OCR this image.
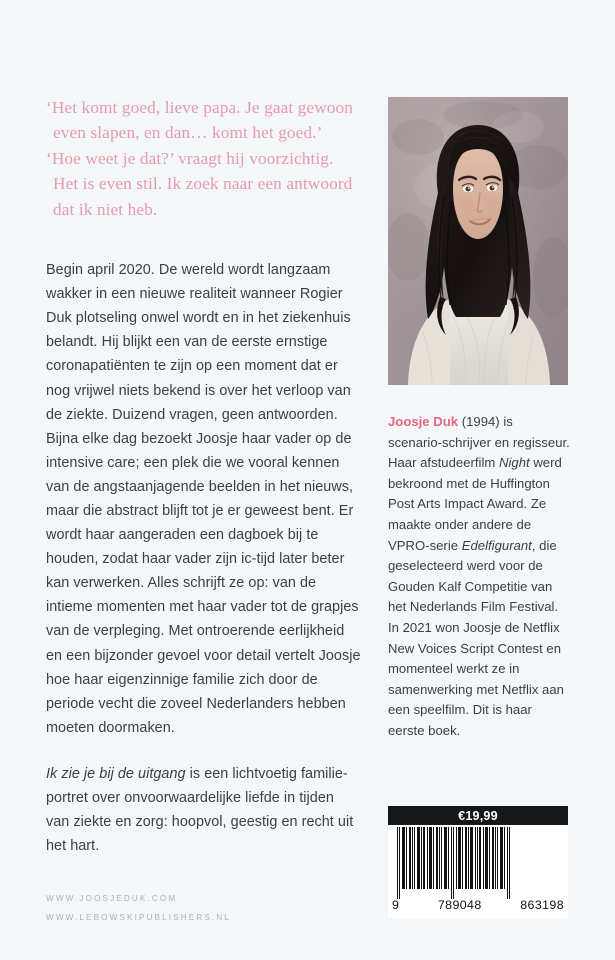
‘Het komt goed, lieve papa. Je gaat gewoon
even slapen, en dan… komt het goed.’
‘Hoe weet je dat?’ vraagt hij voorzichtig.
Het is even stil. Ik zoek naar een antwoord
dat ik niet heb.

Begin april 2020. De wereld wordt langzaam wakker in een nieuwe realiteit wanneer Rogier Duk plotseling onwel wordt en in het ziekenhuis belandt. Hij blijkt een van de eerste ernstige coronapatiënten te zijn op een moment dat er nog vrijwel niets bekend is over het verloop van de ziekte. Duizend vragen, geen antwoorden. Bijna elke dag bezoekt Joosje haar vader op de intensive care; een plek die we vooral kennen van de angstaanjagende beelden in het nieuws, maar die abstract blijft tot je er geweest bent. Er wordt haar aangeraden een dagboek bij te houden, zodat haar vader zijn ic-tijd later beter kan verwerken. Alles schrijft ze op: van de intieme momenten met haar vader tot de grapjes van de verpleging. Met ontroerende eerlijkheid en een bijzonder gevoel voor detail vertelt Joosje hoe haar eigenzinnige familie zich door de periode vecht die zoveel Nederlanders hebben moeten doormaken.

Ik zie je bij de uitgang is een lichtvoetig familie-portret over onvoorwaardelijke liefde in tijden van ziekte en zorg: hoopvol, geestig en recht uit het hart.

Joosje Duk (1994) is scenario-schrijver en regisseur. Haar afstudeerfilm Night werd bekroond met de Huffington Post Arts Impact Award. Ze maakte onder andere de VPRO-serie Edelfigurant, die geselecteerd werd voor de Gouden Kalf Competitie van het Nederlands Film Festival. In 2021 won Joosje de Netflix New Voices Script Contest en momenteel werkt ze in samenwerking met Netflix aan een speelfilm. Dit is haar eerste boek.

€19,99
9	789048	863198
WWW.JOOSJEDUK.COM
WWW.LEBOWSKIPUBLISHERS.NL
